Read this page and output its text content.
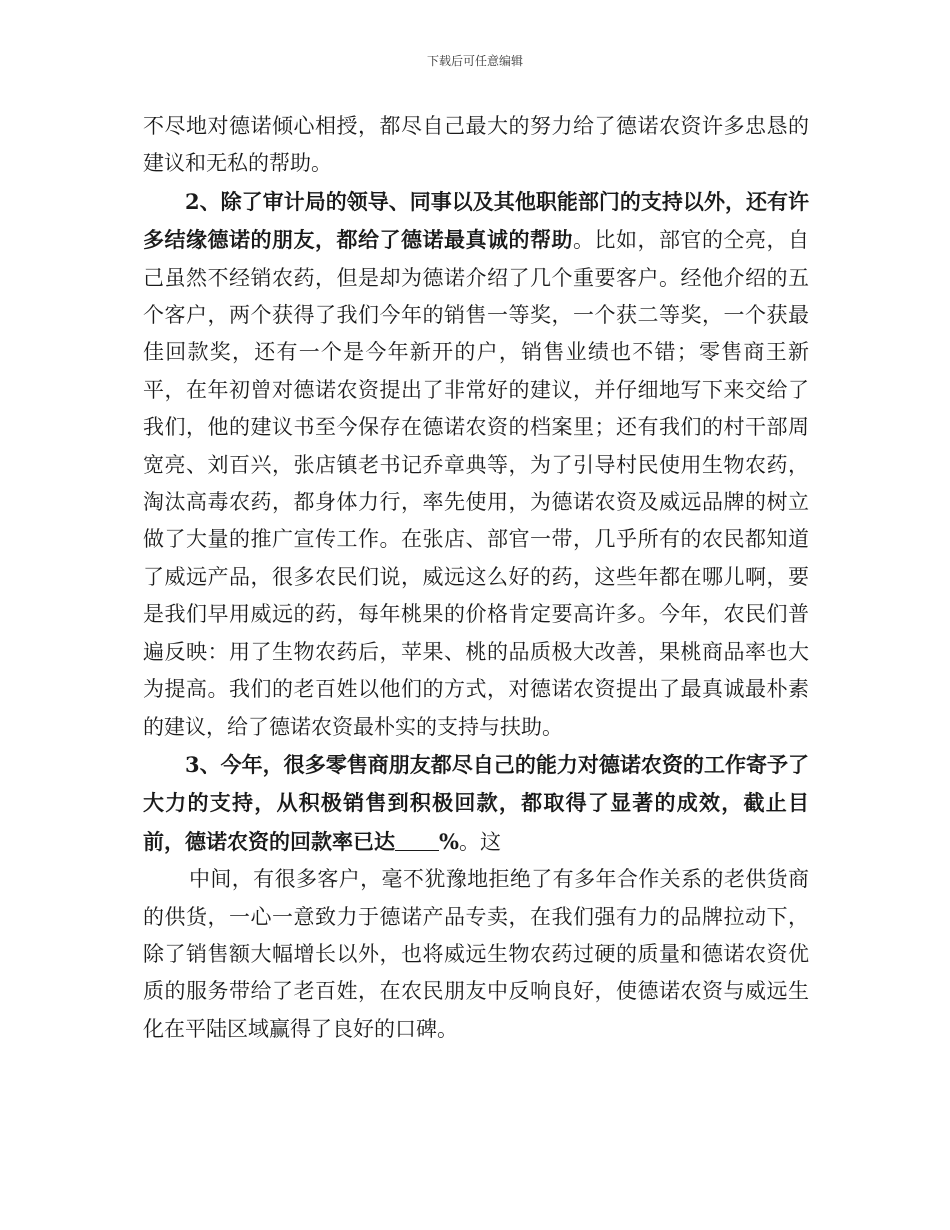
下载后可任意编辑

不尽地对德诺倾心相授，都尽自己最大的努力给了德诺农资许多忠恳的建议和无私的帮助。

2、除了审计局的领导、同事以及其他职能部门的支持以外，还有许多结缘德诺的朋友，都给了德诺最真诚的帮助。比如，部官的仝亮，自己虽然不经销农药，但是却为德诺介绍了几个重要客户。经他介绍的五个客户，两个获得了我们今年的销售一等奖，一个获二等奖，一个获最佳回款奖，还有一个是今年新开的户，销售业绩也不错；零售商王新平，在年初曾对德诺农资提出了非常好的建议，并仔细地写下来交给了我们，他的建议书至今保存在德诺农资的档案里；还有我们的村干部周宽亮、刘百兴，张店镇老书记乔章典等，为了引导村民使用生物农药，淘汰高毒农药，都身体力行，率先使用，为德诺农资及威远品牌的树立做了大量的推广宣传工作。在张店、部官一带，几乎所有的农民都知道了威远产品，很多农民们说，威远这么好的药，这些年都在哪儿啊，要是我们早用威远的药，每年桃果的价格肯定要高许多。今年，农民们普遍反映：用了生物农药后，苹果、桃的品质极大改善，果桃商品率也大为提高。我们的老百姓以他们的方式，对德诺农资提出了最真诚最朴素的建议，给了德诺农资最朴实的支持与扶助。

3、今年，很多零售商朋友都尽自己的能力对德诺农资的工作寄予了大力的支持，从积极销售到积极回款，都取得了显著的成效，截止目前，德诺农资的回款率已达 %。这

中间，有很多客户，毫不犹豫地拒绝了有多年合作关系的老供货商的供货，一心一意致力于德诺产品专卖，在我们强有力的品牌拉动下，除了销售额大幅增长以外，也将威远生物农药过硬的质量和德诺农资优质的服务带给了老百姓，在农民朋友中反响良好，使德诺农资与威远生化在平陆区域赢得了良好的口碑。
